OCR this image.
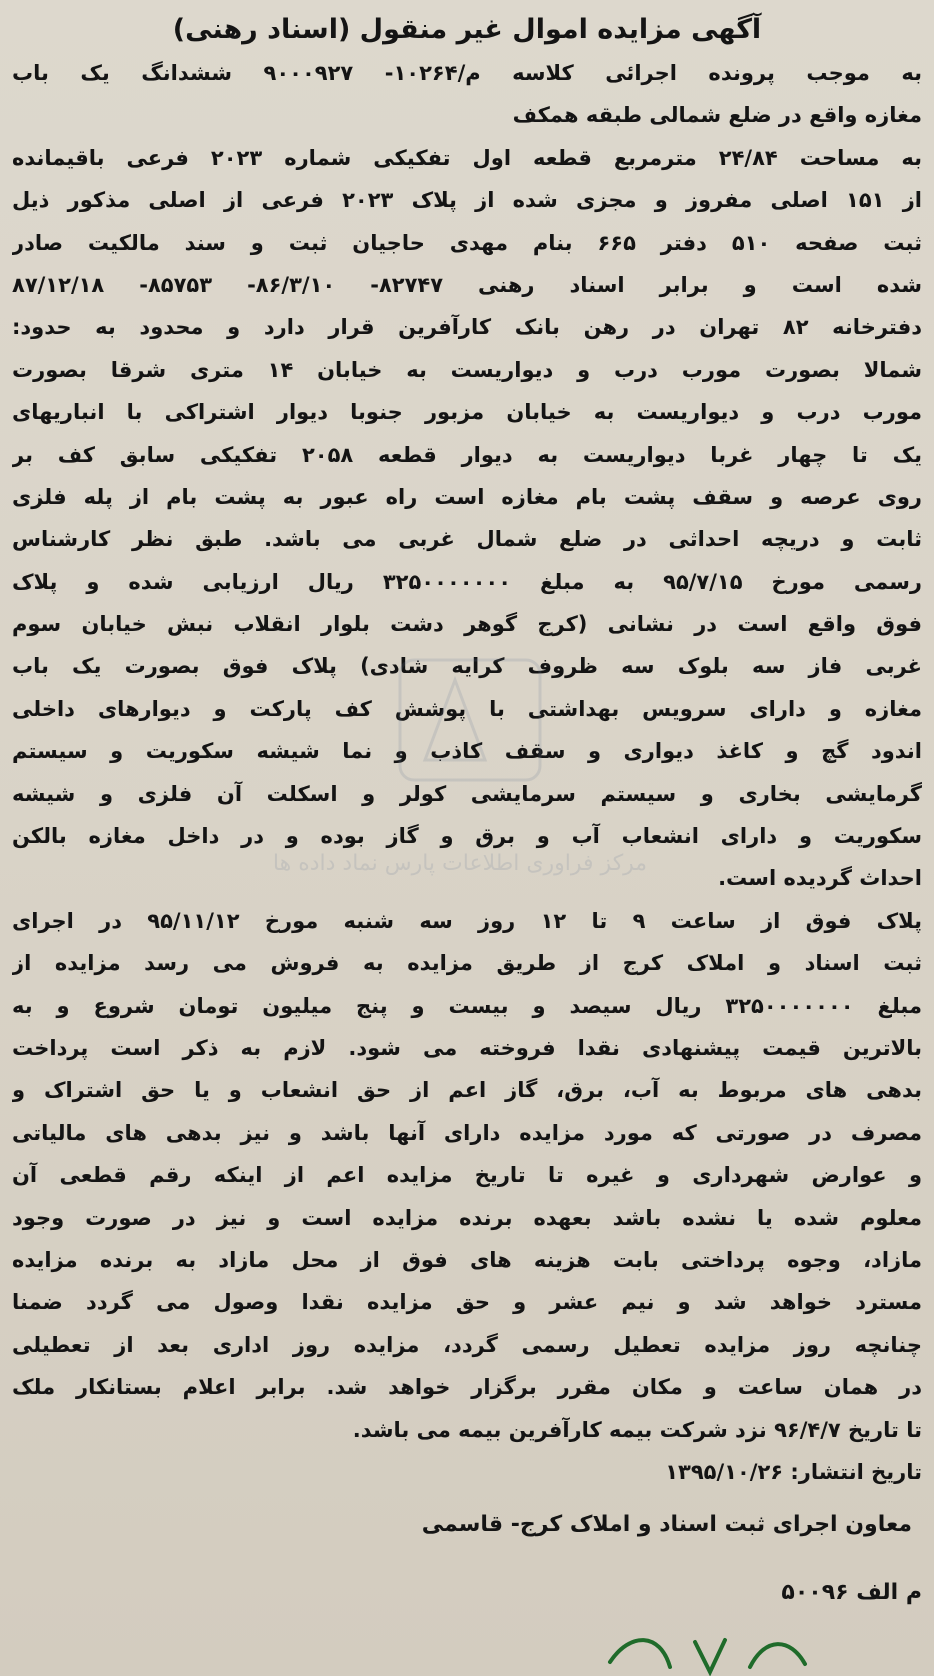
آگهی مزایده اموال غیر منقول (اسناد رهنی)
به موجب پرونده اجرائی کلاسه م/۱۰۲۶۴- ۹۰۰۰۹۲۷ ششدانگ یک باب
مغازه واقع در ضلع شمالی طبقه همکف
به مساحت ۲۴/۸۴ مترمربع قطعه اول تفکیکی شماره ۲۰۲۳ فرعی باقیمانده
از ۱۵۱ اصلی مفروز و مجزی شده از پلاک ۲۰۲۳ فرعی از اصلی مذکور ذیل
ثبت صفحه ۵۱۰ دفتر ۶۶۵ بنام مهدی حاجیان ثبت و سند مالکیت صادر
شده است و برابر اسناد رهنی ۸۲۷۴۷- ۸۶/۳/۱۰- ۸۵۷۵۳- ۸۷/۱۲/۱۸
دفترخانه ۸۲ تهران در رهن بانک کارآفرین قرار دارد و محدود به حدود:
شمالا بصورت مورب درب و دیواریست به خیابان ۱۴ متری شرقا بصورت
مورب درب و دیواریست به خیابان مزبور جنوبا دیوار اشتراکی با انباریهای
یک تا چهار غربا دیواریست به دیوار قطعه ۲۰۵۸ تفکیکی سابق کف بر
روی عرصه و سقف پشت بام مغازه است راه عبور به پشت بام از پله فلزی
ثابت و دریچه احداثی در ضلع شمال غربی می باشد. طبق نظر کارشناس
رسمی مورخ ۹۵/۷/۱۵ به مبلغ ۳۲۵۰۰۰۰۰۰۰ ریال ارزیابی شده و پلاک
فوق واقع است در نشانی (کرج گوهر دشت بلوار انقلاب نبش خیابان سوم
غربی فاز سه بلوک سه ظروف کرایه شادی) پلاک فوق بصورت یک باب
مغازه و دارای سرویس بهداشتی با پوشش کف پارکت و دیوارهای داخلی
اندود گچ و کاغذ دیواری و سقف کاذب و نما شیشه سکوریت و سیستم
گرمایشی بخاری و سیستم سرمایشی کولر و اسکلت آن فلزی و شیشه
سکوریت و دارای انشعاب آب و برق و گاز بوده و در داخل مغازه بالکن
احداث گردیده است.
پلاک فوق از ساعت ۹ تا ۱۲ روز سه شنبه مورخ ۹۵/۱۱/۱۲ در اجرای
ثبت اسناد و املاک کرج از طریق مزایده به فروش می رسد مزایده از
مبلغ ۳۲۵۰۰۰۰۰۰۰ ریال سیصد و بیست و پنج میلیون تومان شروع و به
بالاترین قیمت پیشنهادی نقدا فروخته می شود. لازم به ذکر است پرداخت
بدهی های مربوط به آب، برق، گاز اعم از حق انشعاب و یا حق اشتراک و
مصرف در صورتی که مورد مزایده دارای آنها باشد و نیز بدهی های مالیاتی
و عوارض شهرداری و غیره تا تاریخ مزایده اعم از اینکه رقم قطعی آن
معلوم شده یا نشده باشد بعهده برنده مزایده است و نیز در صورت وجود
مازاد، وجوه پرداختی بابت هزینه های فوق از محل مازاد به برنده مزایده
مسترد خواهد شد و نیم عشر و حق مزایده نقدا وصول می گردد ضمنا
چنانچه روز مزایده تعطیل رسمی گردد، مزایده روز اداری بعد از تعطیلی
در همان ساعت و مکان مقرر برگزار خواهد شد. برابر اعلام بستانکار ملک
تا تاریخ ۹۶/۴/۷ نزد شرکت بیمه کارآفرین بیمه می باشد.
تاریخ انتشار: ۱۳۹۵/۱۰/۲۶
معاون اجرای ثبت اسناد و املاک کرج- قاسمی
م الف ۵۰۰۹۶
مرکز فراوری اطلاعات پارس نماد داده ها
